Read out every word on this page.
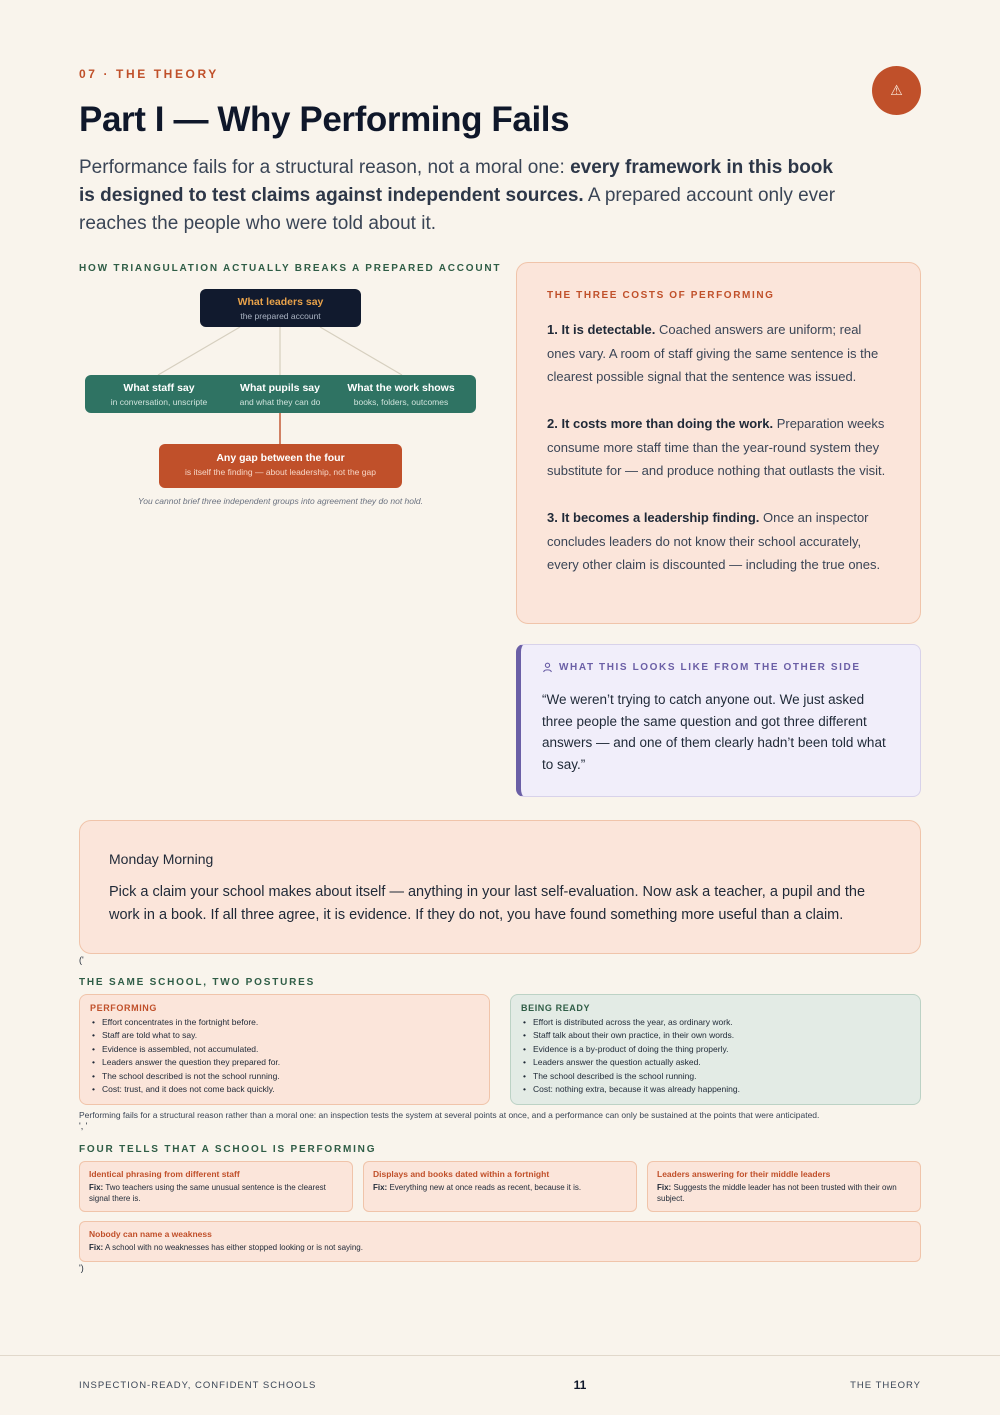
07 · THE THEORY
⚠
Part I — Why Performing Fails

Performance fails for a structural reason, not a moral one: every framework in this book is designed to test claims against independent sources. A prepared account only ever reaches the people who were told about it.

HOW TRIANGULATION ACTUALLY BREAKS A PREPARED ACCOUNT
What leaders say
the prepared account
What staff say
in conversation, unscripte
What pupils say
and what they can do
What the work shows
books, folders, outcomes
Any gap between the four
is itself the finding — about leadership, not the gap
You cannot brief three independent groups into agreement they do not hold.
THE THREE COSTS OF PERFORMING

1. It is detectable. Coached answers are uniform; real ones vary. A room of staff giving the same sentence is the clearest possible signal that the sentence was issued.

2. It costs more than doing the work. Preparation weeks consume more staff time than the year-round system they substitute for — and produce nothing that outlasts the visit.

3. It becomes a leadership finding. Once an inspector concludes leaders do not know their school accurately, every other claim is discounted — including the true ones.

WHAT THIS LOOKS LIKE FROM THE OTHER SIDE
“We weren’t trying to catch anyone out. We just asked three people the same question and got three different answers — and one of them clearly hadn’t been told what to say.”
Monday Morning
Pick a claim your school makes about itself — anything in your last self-evaluation. Now ask a teacher, a pupil and the work in a book. If all three agree, it is evidence. If they do not, you have found something more useful than a claim.
('
THE SAME SCHOOL, TWO POSTURES
PERFORMING
• Effort concentrates in the fortnight before.
• Staff are told what to say.
• Evidence is assembled, not accumulated.
• Leaders answer the question they prepared for.
• The school described is not the school running.
• Cost: trust, and it does not come back quickly.
BEING READY
• Effort is distributed across the year, as ordinary work.
• Staff talk about their own practice, in their own words.
• Evidence is a by-product of doing the thing properly.
• Leaders answer the question actually asked.
• The school described is the school running.
• Cost: nothing extra, because it was already happening.
Performing fails for a structural reason rather than a moral one: an inspection tests the system at several points at once, and a performance can only be sustained at the points that were anticipated.
', '
FOUR TELLS THAT A SCHOOL IS PERFORMING
Identical phrasing from different staff
Fix: Two teachers using the same unusual sentence is the clearest signal there is.
Displays and books dated within a fortnight
Fix: Everything new at once reads as recent, because it is.
Leaders answering for their middle leaders
Fix: Suggests the middle leader has not been trusted with their own subject.
Nobody can name a weakness
Fix: A school with no weaknesses has either stopped looking or is not saying.
')
INSPECTION-READY, CONFIDENT SCHOOLS	11	THE THEORY
